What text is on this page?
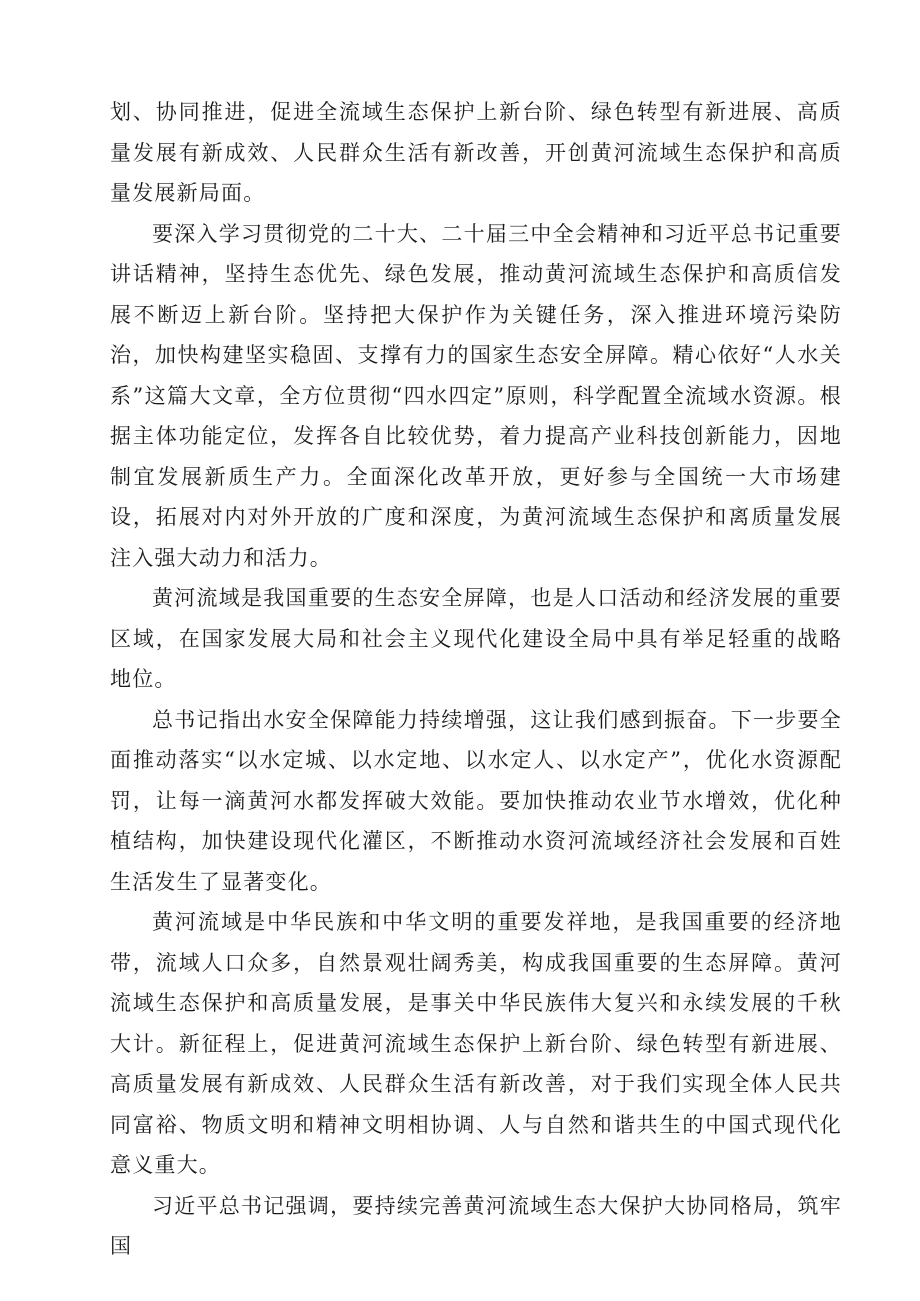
划、协同推进，促进全流域生态保护上新台阶、绿色转型有新进展、高质量发展有新成效、人民群众生活有新改善，开创黄河流域生态保护和高质量发展新局面。

要深入学习贯彻党的二十大、二十届三中全会精神和习近平总书记重要讲话精神，坚持生态优先、绿色发展，推动黄河流域生态保护和高质信发展不断迈上新台阶。坚持把大保护作为关键任务，深入推进环境污染防治，加快构建坚实稳固、支撑有力的国家生态安全屏障。精心依好“人水关系”这篇大文章，全方位贯彻“四水四定”原则，科学配置全流域水资源。根据主体功能定位，发挥各自比较优势，着力提高产业科技创新能力，因地制宜发展新质生产力。全面深化改革开放，更好参与全国统一大市场建设，拓展对内对外开放的广度和深度，为黄河流域生态保护和离质量发展注入强大动力和活力。

黄河流域是我国重要的生态安全屏障，也是人口活动和经济发展的重要区域，在国家发展大局和社会主义现代化建设全局中具有举足轻重的战略地位。

总书记指出水安全保障能力持续增强，这让我们感到振奋。下一步要全面推动落实“以水定城、以水定地、以水定人、以水定产”，优化水资源配罚，让每一滴黄河水都发挥破大效能。要加快推动农业节水增效，优化种植结构，加快建设现代化灌区，不断推动水资河流域经济社会发展和百姓生活发生了显著变化。

黄河流域是中华民族和中华文明的重要发祥地，是我国重要的经济地带，流域人口众多，自然景观壮阔秀美，构成我国重要的生态屏障。黄河流域生态保护和高质量发展，是事关中华民族伟大复兴和永续发展的千秋大计。新征程上，促进黄河流域生态保护上新台阶、绿色转型有新进展、高质量发展有新成效、人民群众生活有新改善，对于我们实现全体人民共同富裕、物质文明和精神文明相协调、人与自然和谐共生的中国式现代化意义重大。

习近平总书记强调，要持续完善黄河流域生态大保护大协同格局，筑牢国
